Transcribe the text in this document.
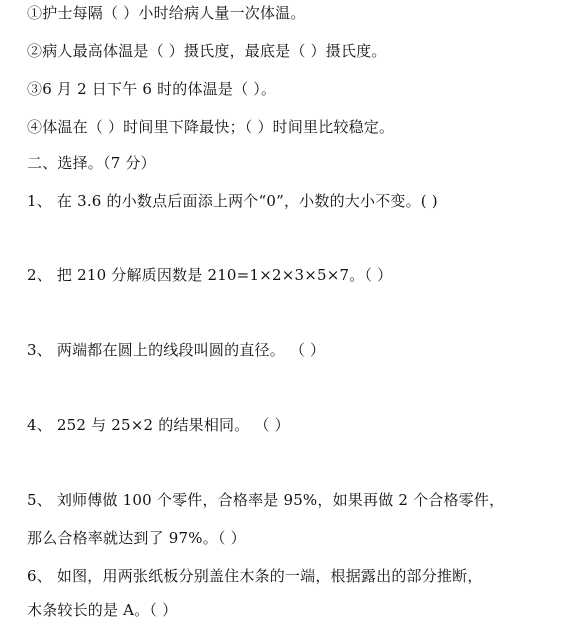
①护士每隔（ ）小时给病人量一次体温。
②病人最高体温是（ ）摄氏度，最底是（ ）摄氏度。
③6 月 2 日下午 6 时的体温是（ ）。
④体温在（ ）时间里下降最快；（ ）时间里比较稳定。
二、选择。（7 分）
1、 在 3.6 的小数点后面添上两个“0”，小数的大小不变。( )
2、 把 210 分解质因数是 210=1×2×3×5×7。（ ）
3、 两端都在圆上的线段叫圆的直径。 （ ）
4、 252 与 25×2 的结果相同。 （ ）
5、 刘师傅做 100 个零件，合格率是 95%，如果再做 2 个合格零件，
那么合格率就达到了 97%。（ ）
6、 如图，用两张纸板分别盖住木条的一端，根据露出的部分推断，
木条较长的是 A。（ ）
